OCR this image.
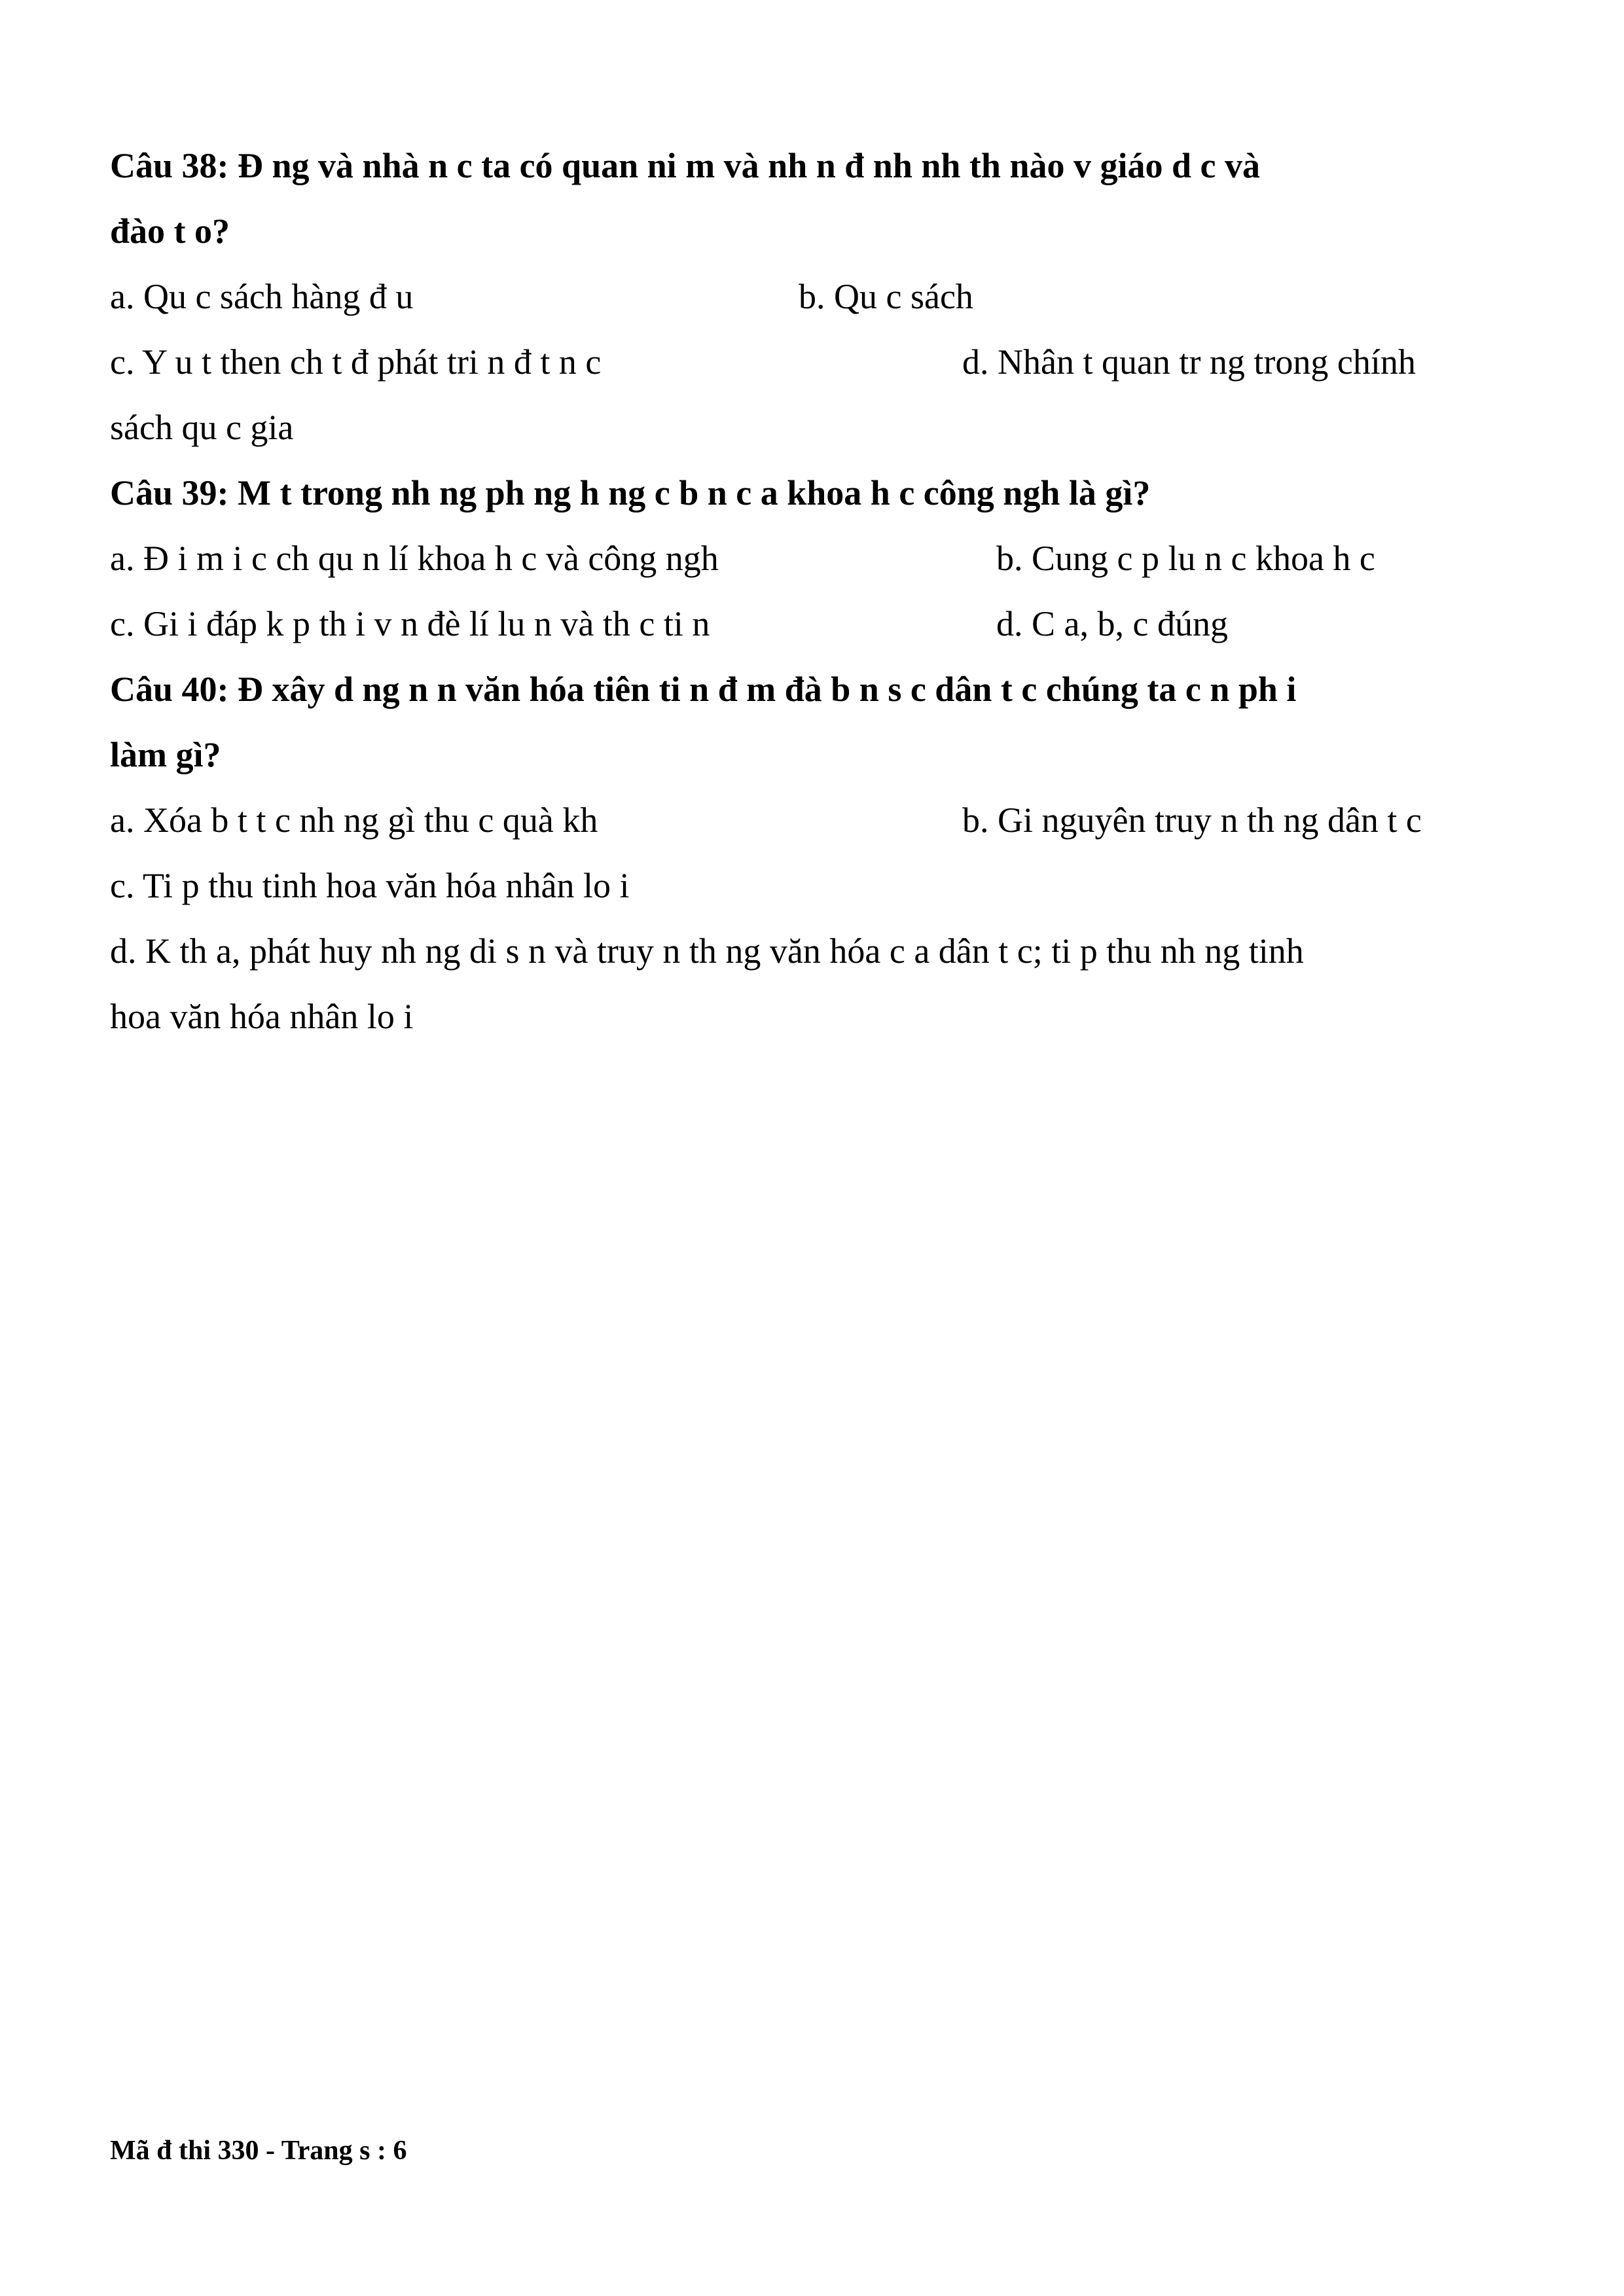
Câu 38: Đ ng và nhà n c ta có quan ni m và nh n đ nh nh th nào v giáo d c và
đào t o?
a. Qu c sách hàng đ u	b. Qu c sách
c. Y u t then ch t đ phát tri n đ t n c	d. Nhân t quan tr ng trong chính
sách qu c gia
Câu 39: M t trong nh ng ph ng h ng c b n c a khoa h c công ngh là gì?
a. Đ i m i c ch qu n lí khoa h c và công ngh	b. Cung c p lu n c khoa h c
c. Gi i đáp k p th i v n đè lí lu n và th c ti n	d. C a, b, c đúng
Câu 40: Đ xây d ng n n văn hóa tiên ti n đ m đà b n s c dân t c chúng ta c n ph i
làm gì?
a. Xóa b t t c nh ng gì thu c quà kh	b. Gi nguyên truy n th ng dân t c
c. Ti p thu tinh hoa văn hóa nhân lo i
d. K th a, phát huy nh ng di s n và truy n th ng văn hóa c a dân t c; ti p thu nh ng tinh
hoa văn hóa nhân lo i
Mã đ thi 330 - Trang s : 6
